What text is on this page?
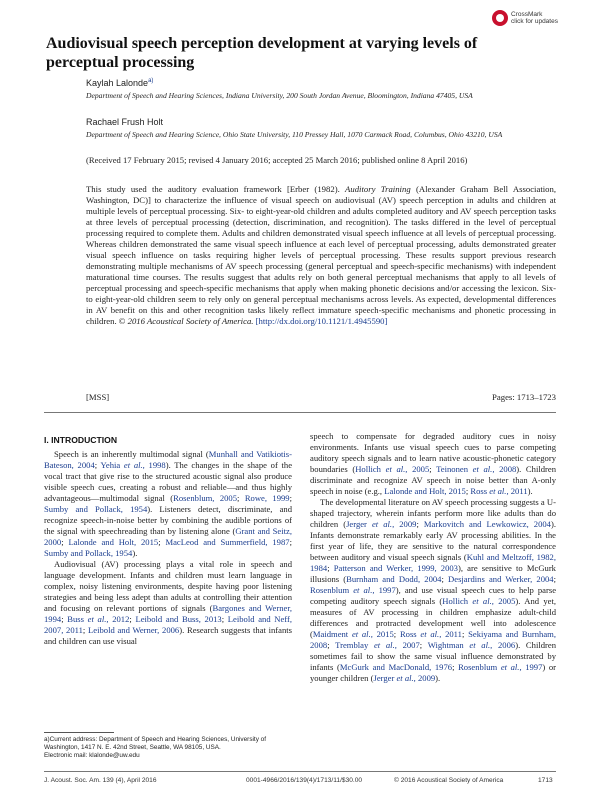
CrossMark
click for updates
Audiovisual speech perception development at varying levels of perceptual processing
Kaylah Lalonde$^{a)}$
Department of Speech and Hearing Sciences, Indiana University, 200 South Jordan Avenue, Bloomington, Indiana 47405, USA
Rachael Frush Holt
Department of Speech and Hearing Science, Ohio State University, 110 Pressey Hall, 1070 Carmack Road, Columbus, Ohio 43210, USA
(Received 17 February 2015; revised 4 January 2016; accepted 25 March 2016; published online 8 April 2016)
This study used the auditory evaluation framework [Erber (1982). Auditory Training (Alexander Graham Bell Association, Washington, DC)] to characterize the influence of visual speech on audiovisual (AV) speech perception in adults and children at multiple levels of perceptual processing. Six- to eight-year-old children and adults completed auditory and AV speech perception tasks at three levels of perceptual processing (detection, discrimination, and recognition). The tasks differed in the level of perceptual processing required to complete them. Adults and children demonstrated visual speech influence at all levels of perceptual processing. Whereas children demonstrated the same visual speech influence at each level of perceptual processing, adults demonstrated greater visual speech influence on tasks requiring higher levels of perceptual processing. These results support previous research demonstrating multiple mechanisms of AV speech processing (general perceptual and speech-specific mechanisms) with independent maturational time courses. The results suggest that adults rely on both general perceptual mechanisms that apply to all levels of perceptual processing and speech-specific mechanisms that apply when making phonetic decisions and/or accessing the lexicon. Six- to eight-year-old children seem to rely only on general perceptual mechanisms across levels. As expected, developmental differences in AV benefit on this and other recognition tasks likely reflect immature speech-specific mechanisms and phonetic processing in children. © 2016 Acoustical Society of America. [http://dx.doi.org/10.1121/1.4945590]
[MSS]	Pages: 1713–1723
I. INTRODUCTION

Speech is an inherently multimodal signal (Munhall and Vatikiotis-Bateson, 2004; Yehia et al., 1998). The changes in the shape of the vocal tract that give rise to the structured acoustic signal also produce visible speech cues, creating a robust and reliable—and thus highly advantageous—multimodal signal (Rosenblum, 2005; Rowe, 1999; Sumby and Pollack, 1954). Listeners detect, discriminate, and recognize speech-in-noise better by combining the audible portions of the signal with speechreading than by listening alone (Grant and Seitz, 2000; Lalonde and Holt, 2015; MacLeod and Summerfield, 1987; Sumby and Pollack, 1954).

Audiovisual (AV) processing plays a vital role in speech and language development. Infants and children must learn language in complex, noisy listening environments, despite having poor listening strategies and being less adept than adults at controlling their attention and focusing on relevant portions of signals (Bargones and Werner, 1994; Buss et al., 2012; Leibold and Buss, 2013; Leibold and Neff, 2007, 2011; Leibold and Werner, 2006). Research suggests that infants and children can use visual

speech to compensate for degraded auditory cues in noisy environments. Infants use visual speech cues to parse competing auditory speech signals and to learn native acoustic-phonetic category boundaries (Hollich et al., 2005; Teinonen et al., 2008). Children discriminate and recognize AV speech in noise better than A-only speech in noise (e.g., Lalonde and Holt, 2015; Ross et al., 2011).

The developmental literature on AV speech processing suggests a U-shaped trajectory, wherein infants perform more like adults than do children (Jerger et al., 2009; Markovitch and Lewkowicz, 2004). Infants demonstrate remarkably early AV processing abilities. In the first year of life, they are sensitive to the natural correspondence between auditory and visual speech signals (Kuhl and Meltzoff, 1982, 1984; Patterson and Werker, 1999, 2003), are sensitive to McGurk illusions (Burnham and Dodd, 2004; Desjardins and Werker, 2004; Rosenblum et al., 1997), and use visual speech cues to help parse competing auditory speech signals (Hollich et al., 2005). And yet, measures of AV processing in children emphasize adult-child differences and protracted development well into adolescence (Maidment et al., 2015; Ross et al., 2011; Sekiyama and Burnham, 2008; Tremblay et al., 2007; Wightman et al., 2006). Children sometimes fail to show the same visual influence demonstrated by infants (McGurk and MacDonald, 1976; Rosenblum et al., 1997) or younger children (Jerger et al., 2009).

a)Current address: Department of Speech and Hearing Sciences, University of Washington, 1417 N. E. 42nd Street, Seattle, WA 98105, USA.
Electronic mail: klalonde@uw.edu
J. Acoust. Soc. Am. 139 (4), April 2016	0001-4966/2016/139(4)/1713/11/$30.00	© 2016 Acoustical Society of America	1713
